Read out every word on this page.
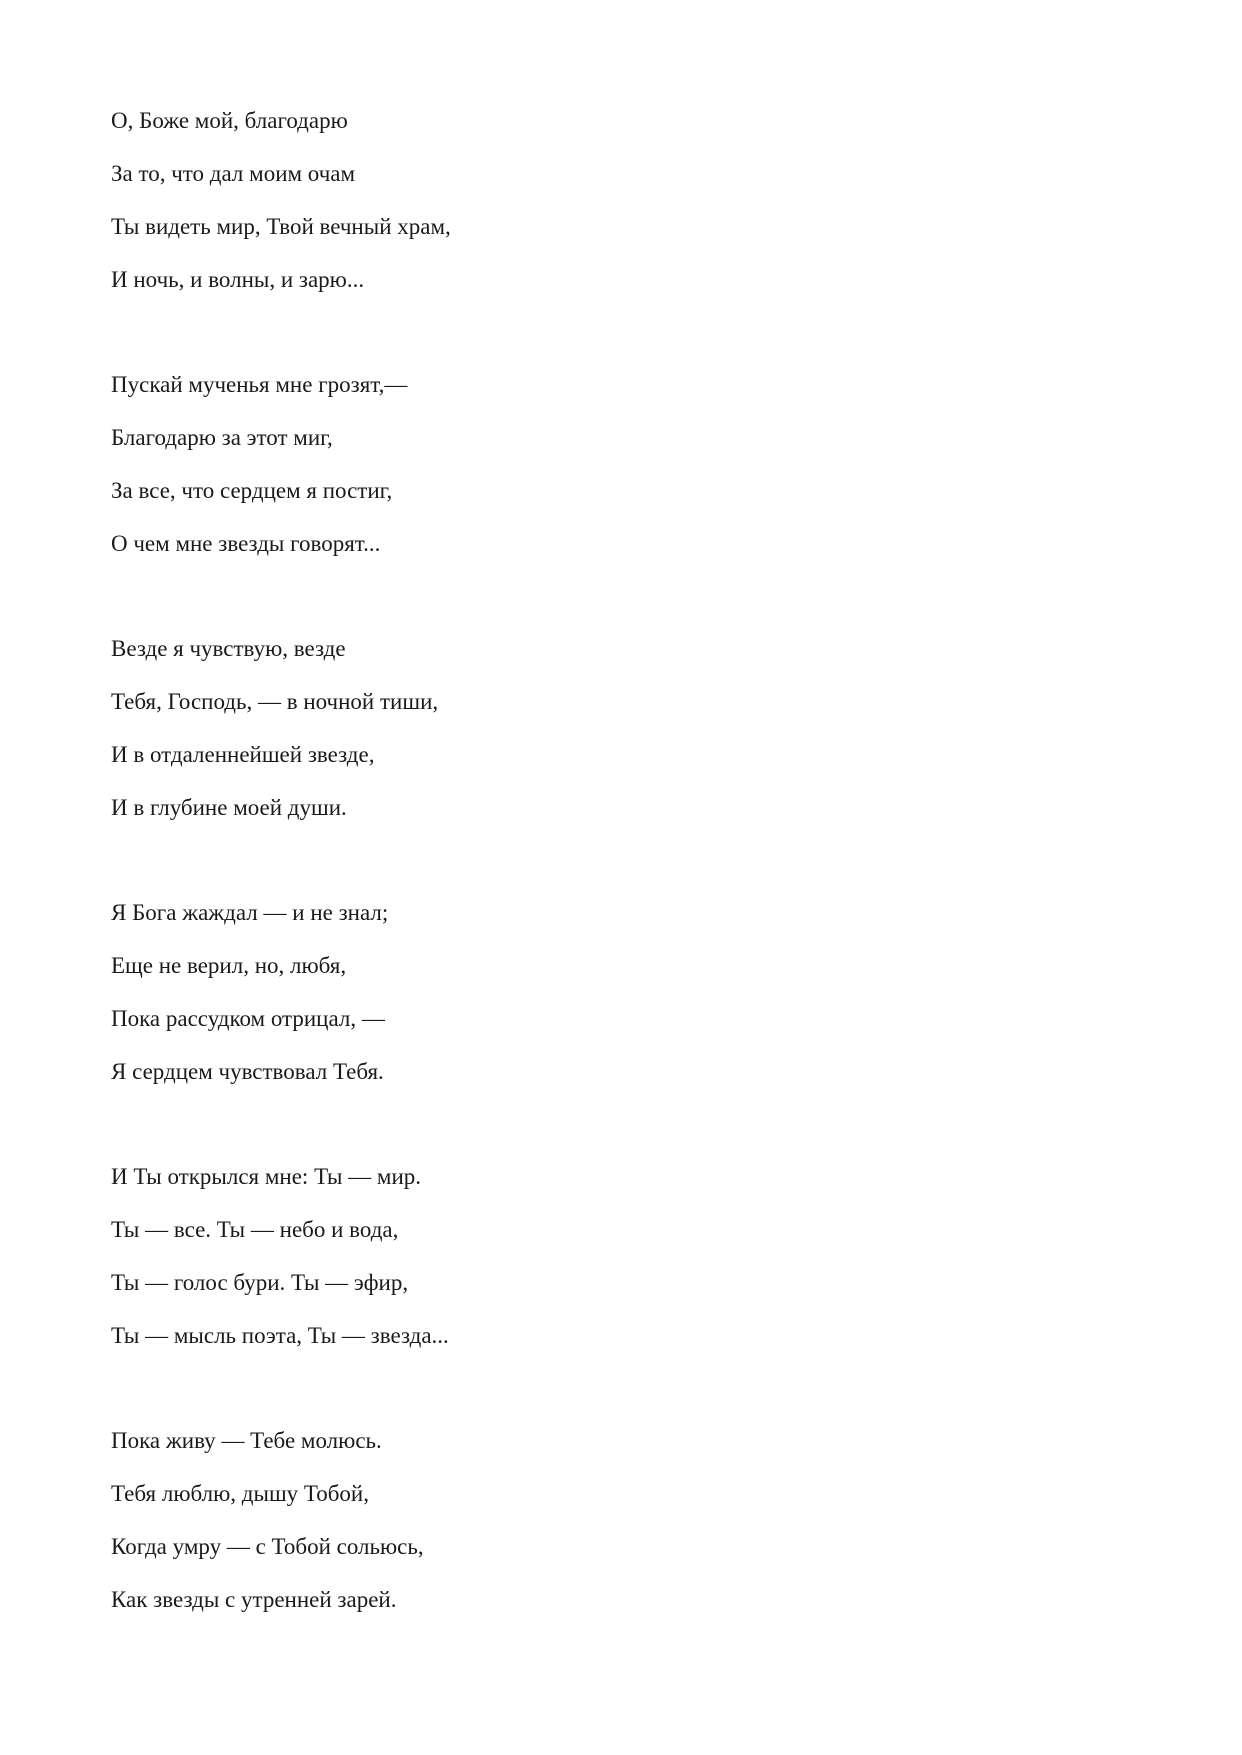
О, Боже мой, благодарю
За то, что дал моим очам
Ты видеть мир, Твой вечный храм,
И ночь, и волны, и зарю...
Пускай мученья мне грозят,—
Благодарю за этот миг,
За все, что сердцем я постиг,
О чем мне звезды говорят...
Везде я чувствую, везде
Тебя, Господь, — в ночной тиши,
И в отдаленнейшей звезде,
И в глубине моей души.
Я Бога жаждал — и не знал;
Еще не верил, но, любя,
Пока рассудком отрицал, —
Я сердцем чувствовал Тебя.
И Ты открылся мне: Ты — мир.
Ты — все. Ты — небо и вода,
Ты — голос бури. Ты — эфир,
Ты — мысль поэта, Ты — звезда...
Пока живу — Тебе молюсь.
Тебя люблю, дышу Тобой,
Когда умру — с Тобой сольюсь,
Как звезды с утренней зарей.
